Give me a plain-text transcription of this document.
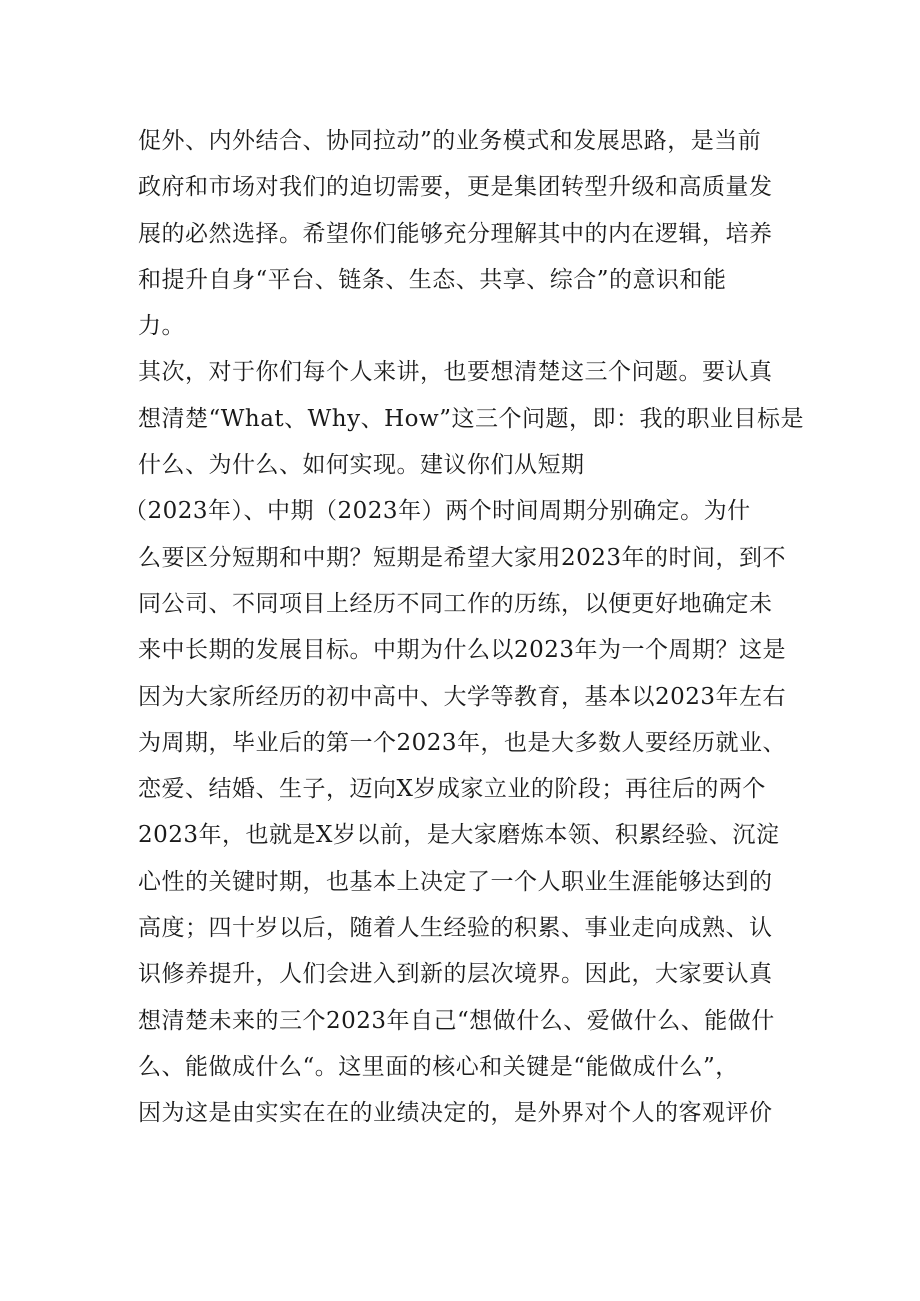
促外、内外结合、协同拉动”的业务模式和发展思路，是当前
政府和市场对我们的迫切需要，更是集团转型升级和高质量发
展的必然选择。希望你们能够充分理解其中的内在逻辑，培养
和提升自身“平台、链条、生态、共享、综合”的意识和能
力。
其次，对于你们每个人来讲，也要想清楚这三个问题。要认真
想清楚“What、Why、How”这三个问题，即：我的职业目标是
什么、为什么、如何实现。建议你们从短期
（2023年）、中期（2023年）两个时间周期分别确定。为什
么要区分短期和中期？短期是希望大家用2023年的时间，到不
同公司、不同项目上经历不同工作的历练，以便更好地确定未
来中长期的发展目标。中期为什么以2023年为一个周期？这是
因为大家所经历的初中高中、大学等教育，基本以2023年左右
为周期，毕业后的第一个2023年，也是大多数人要经历就业、
恋爱、结婚、生子，迈向X岁成家立业的阶段；再往后的两个
2023年，也就是X岁以前，是大家磨炼本领、积累经验、沉淀
心性的关键时期，也基本上决定了一个人职业生涯能够达到的
高度；四十岁以后，随着人生经验的积累、事业走向成熟、认
识修养提升，人们会进入到新的层次境界。因此，大家要认真
想清楚未来的三个2023年自己“想做什么、爱做什么、能做什
么、能做成什么“。这里面的核心和关键是“能做成什么”，
因为这是由实实在在的业绩决定的，是外界对个人的客观评价
